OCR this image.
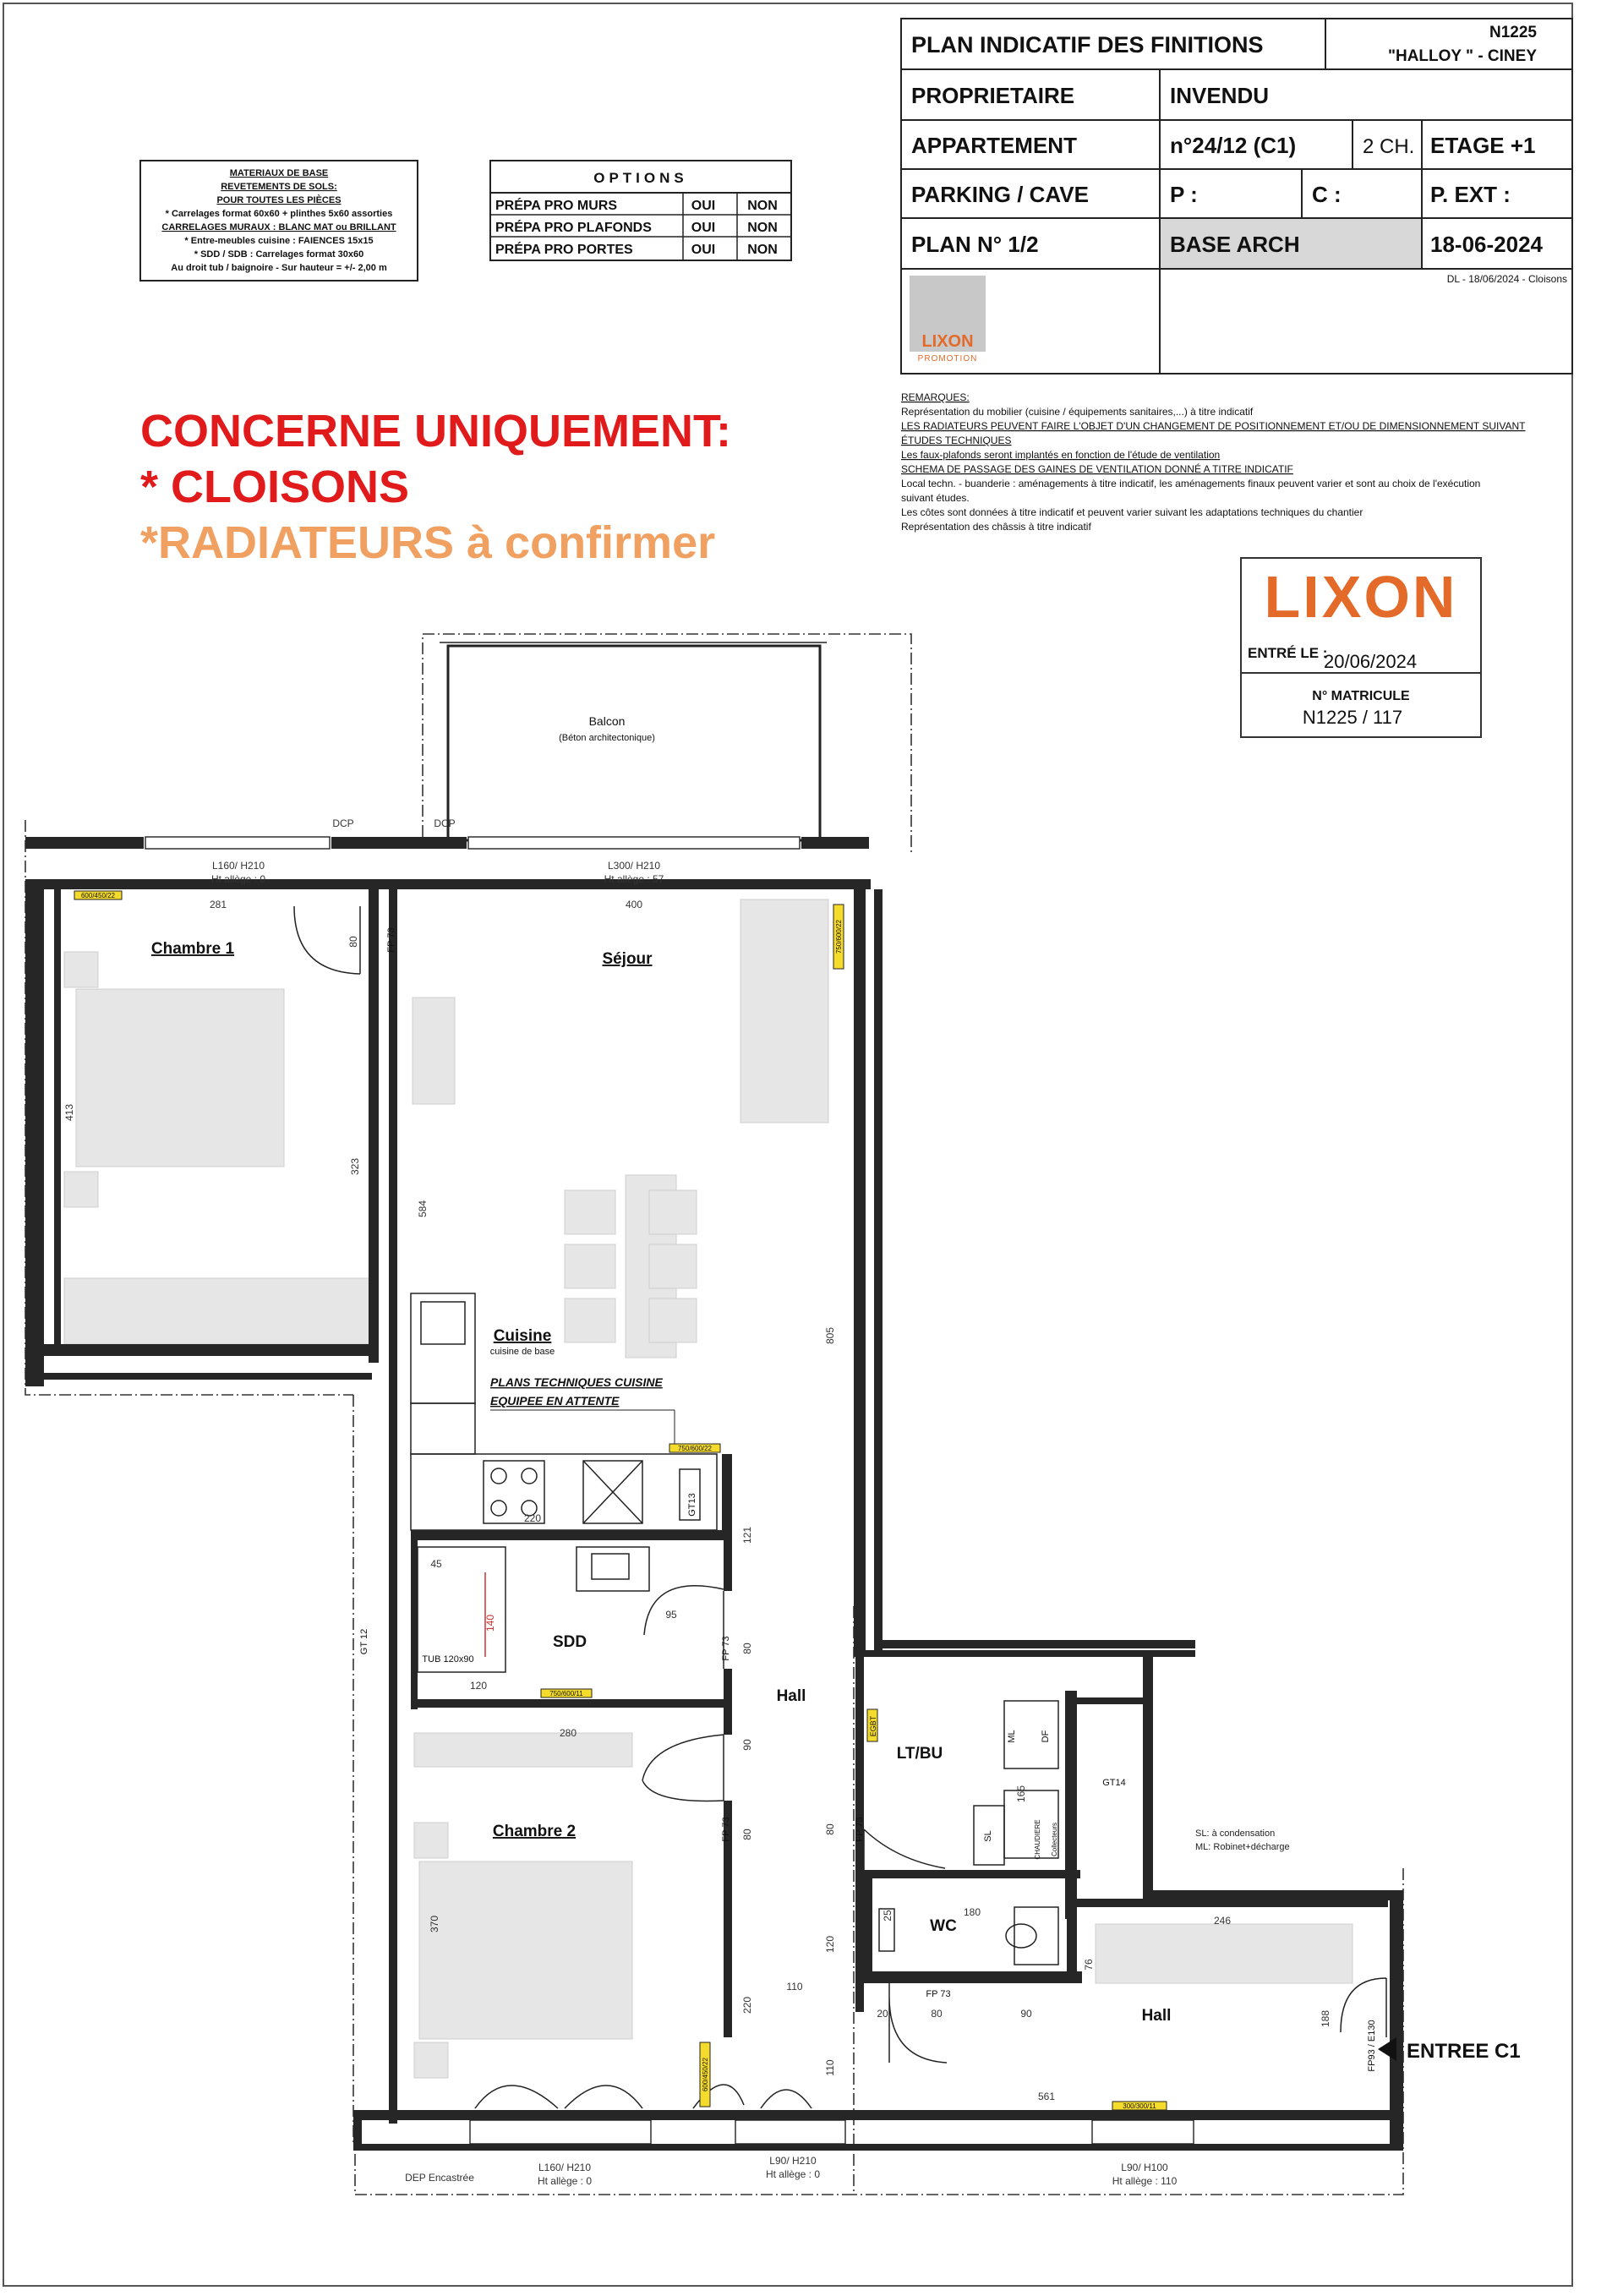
PLAN INDICATIF DES FINITIONS	N1225
"HALLOY " - CINEY
PROPRIETAIRE	INVENDU
APPARTEMENT	n°24/12 (C1)	2 CH. ETAGE +1
PARKING / CAVE	P :	C :	P. EXT :
PLAN N° 1/2	BASE ARCH	18-06-2024
DL - 18/06/2024 - Cloisons
LIXON
PROMOTION
MATERIAUX DE BASE
REVETEMENTS DE SOLS:
POUR TOUTES LES PIÈCES
* Carrelages format 60x60 + plinthes 5x60 assorties
CARRELAGES MURAUX : BLANC MAT ou BRILLANT
* Entre-meubles cuisine : FAIENCES 15x15
* SDD / SDB : Carrelages format 30x60
Au droit tub / baignoire - Sur hauteur = +/- 2,00 m
OPTIONS
PRÉPA PRO MURS	OUI NON
PRÉPA PRO PLAFONDS	OUI NON
PRÉPA PRO PORTES	OUI NON
CONCERNE UNIQUEMENT:
* CLOISONS
*RADIATEURS à confirmer
REMARQUES:
Représentation du mobilier (cuisine / équipements sanitaires,...) à titre indicatif
LES RADIATEURS PEUVENT FAIRE L'OBJET D'UN CHANGEMENT DE POSITIONNEMENT ET/OU DE DIMENSIONNEMENT SUIVANT
ÉTUDES TECHNIQUES
Les faux-plafonds seront implantés en fonction de l'étude de ventilation
SCHEMA DE PASSAGE DES GAINES DE VENTILATION DONNÉ A TITRE INDICATIF
Local techn. - buanderie : aménagements à titre indicatif, les aménagements finaux peuvent varier et sont au choix de l'exécution
suivant études.
Les côtes sont données à titre indicatif et peuvent varier suivant les adaptations techniques du chantier
Représentation des châssis à titre indicatif
LIXON
ENTRÉ LE :
20/06/2024
N° MATRICULE
N1225 / 117
Chambre 1
Séjour
Cuisine
SDD
Hall
LT/BU
WC
Chambre 2
Hall
Balcon
(Béton architectonique)
cuisine de base
PLANS TECHNIQUES CUISINE
EQUIPEE EN ATTENTE
ENTREE C1
600/450/22
750/600/22
750/600/22
750/600/11
600/450/22
300/300/11
DCP	DCP
L160/ H210
Ht allège : 0
L300/ H210
Ht allège : 57
281	400
80
413
323
584
805
220
121
45
140	95
120
280
80
90
370
80	80
110
120
220
110
25	180
165
246
76
20	80	90	188
561
FP 73
GT 12
GT13
GT14
TUB 120x90
ML	DF
SL	CHAUDIERE Collecteurs
EGBT
FP 73
FP 73
FP 73
FP 73
FP93 / E130
SL: à condensation
ML: Robinet+décharge
DEP Encastrée
L160/ H210
Ht allège : 0
L90/ H210
Ht allège : 0
L90/ H100
Ht allège : 110
